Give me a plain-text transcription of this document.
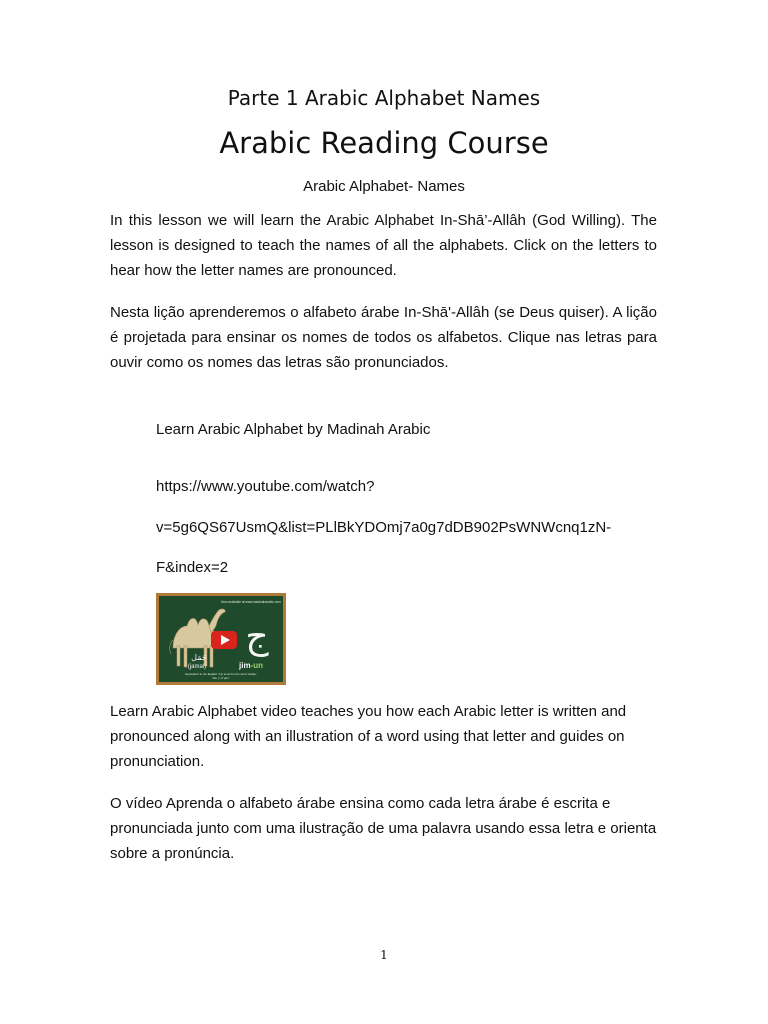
Parte 1 Arabic Alphabet Names
Arabic Reading Course
Arabic Alphabet- Names

In this lesson we will learn the Arabic Alphabet In-Shā’-Allâh (God Willing). The lesson is designed to teach the names of all the alphabets. Click on the letters to hear how the letter names are pronounced.

Nesta lição aprenderemos o alfabeto árabe In-Shā'-Allâh (se Deus quiser). A lição é projetada para ensinar os nomes de todos os alfabetos. Clique nas letras para ouvir como os nomes das letras são pronunciados.

Learn Arabic Alphabet by Madinah Arabic
https://www.youtube.com/watch?
v=5g6QS67UsmQ&list=PLlBkYDOmj7a0g7dDB902PsWNWcnq1zN-
F&index=2
Now available at www.madinaharabic.com
ج
جَمَل
(jamal)	jim-un
Equivalent to the English 'J/g' sound in the word 'dodge'
like 'j' of 'jam'

Learn Arabic Alphabet video teaches you how each Arabic letter is written and pronounced along with an illustration of a word using that letter and guides on pronunciation.

O vídeo Aprenda o alfabeto árabe ensina como cada letra árabe é escrita e pronunciada junto com uma ilustração de uma palavra usando essa letra e orienta sobre a pronúncia.

1
